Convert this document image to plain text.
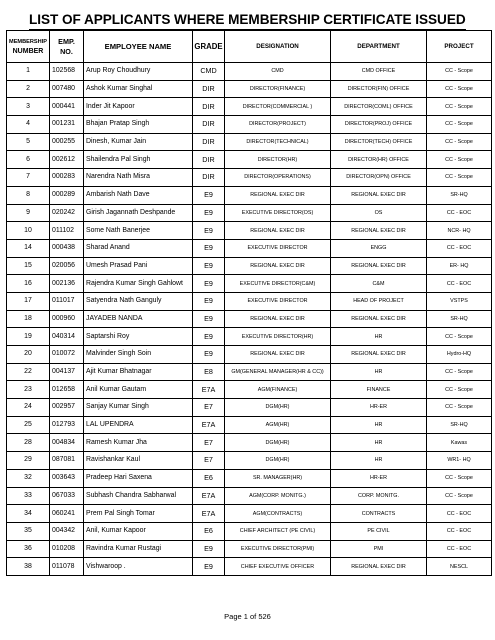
LIST OF APPLICANTS WHERE MEMBERSHIP CERTIFICATE ISSUED
MEMBERSHIP
NUMBER	EMP.
NO.	EMPLOYEE NAME	GRADE	DESIGNATION	DEPARTMENT	PROJECT
1	102568	Arup Roy Choudhury	CMD	CMD	CMD OFFICE	CC - Scope
2	007480	Ashok Kumar Singhal	DIR	DIRECTOR(FINANCE)	DIRECTOR(FIN) OFFICE	CC - Scope
3	000441	Inder Jit Kapoor	DIR	DIRECTOR(COMMERCIAL )	DIRECTOR(COML) OFFICE	CC - Scope
4	001231	Bhajan Pratap Singh	DIR	DIRECTOR(PROJECT)	DIRECTOR(PROJ) OFFICE	CC - Scope
5	000255	Dinesh, Kumar Jain	DIR	DIRECTOR(TECHNICAL)	DIRECTOR(TECH) OFFICE	CC - Scope
6	002612	Shailendra Pal Singh	DIR	DIRECTOR(HR)	DIRECTOR(HR) OFFICE	CC - Scope
7	000283	Narendra Nath Misra	DIR	DIRECTOR(OPERATIONS)	DIRECTOR(OPN) OFFICE	CC - Scope
8	000289	Ambarish Nath Dave	E9	REGIONAL EXEC DIR	REGIONAL EXEC DIR	SR-HQ
9	020242	Girish Jagannath Deshpande	E9	EXECUTIVE DIRECTOR(OS)	OS	CC - EOC
10	011102	Some Nath Banerjee	E9	REGIONAL EXEC DIR	REGIONAL EXEC DIR	NCR- HQ
14	000438	Sharad Anand	E9	EXECUTIVE DIRECTOR	ENGG	CC - EOC
15	020056	Umesh Prasad Pani	E9	REGIONAL EXEC DIR	REGIONAL EXEC DIR	ER- HQ
16	002136	Rajendra Kumar Singh Gahlowt	E9	EXECUTIVE DIRECTOR(C&M)	C&M	CC - EOC
17	011017	Satyendra Nath Ganguly	E9	EXECUTIVE DIRECTOR	HEAD OF PROJECT	VSTPS
18	000960	JAYADEB NANDA	E9	REGIONAL EXEC DIR	REGIONAL EXEC DIR	SR-HQ
19	040314	Saptarshi Roy	E9	EXECUTIVE DIRECTOR(HR)	HR	CC - Scope
20	010072	Malvinder Singh Soin	E9	REGIONAL EXEC DIR	REGIONAL EXEC DIR	Hydro-HQ
22	004137	Ajit Kumar Bhatnagar	E8	GM(GENERAL MANAGER(HR & CC))	HR	CC - Scope
23	012658	Anil Kumar Gautam	E7A	AGM(FINANCE)	FINANCE	CC - Scope
24	002957	Sanjay Kumar Singh	E7	DGM(HR)	HR-ER	CC - Scope
25	012793	LAL UPENDRA	E7A	AGM(HR)	HR	SR-HQ
28	004834	Ramesh Kumar Jha	E7	DGM(HR)	HR	Kawas
29	087081	Ravishankar Kaul	E7	DGM(HR)	HR	WR1- HQ
32	003643	Pradeep Hari Saxena	E6	SR. MANAGER(HR)	HR-ER	CC - Scope
33	067033	Subhash Chandra Sabharwal	E7A	AGM(CORP. MONITG.)	CORP. MONITG.	CC - Scope
34	060241	Prem Pal Singh Tomar	E7A	AGM(CONTRACTS)	CONTRACTS	CC - EOC
35	004342	Anil, Kumar Kapoor	E6	CHIEF ARCHITECT (PE CIVIL)	PE CIVIL	CC - EOC
36	010208	Ravindra Kumar Rustagi	E9	EXECUTIVE DIRECTOR(PMI)	PMI	CC - EOC
38	011078	Vishwaroop .	E9	CHIEF EXECUTIVE OFFICER	REGIONAL EXEC DIR	NESCL
Page 1 of 526
